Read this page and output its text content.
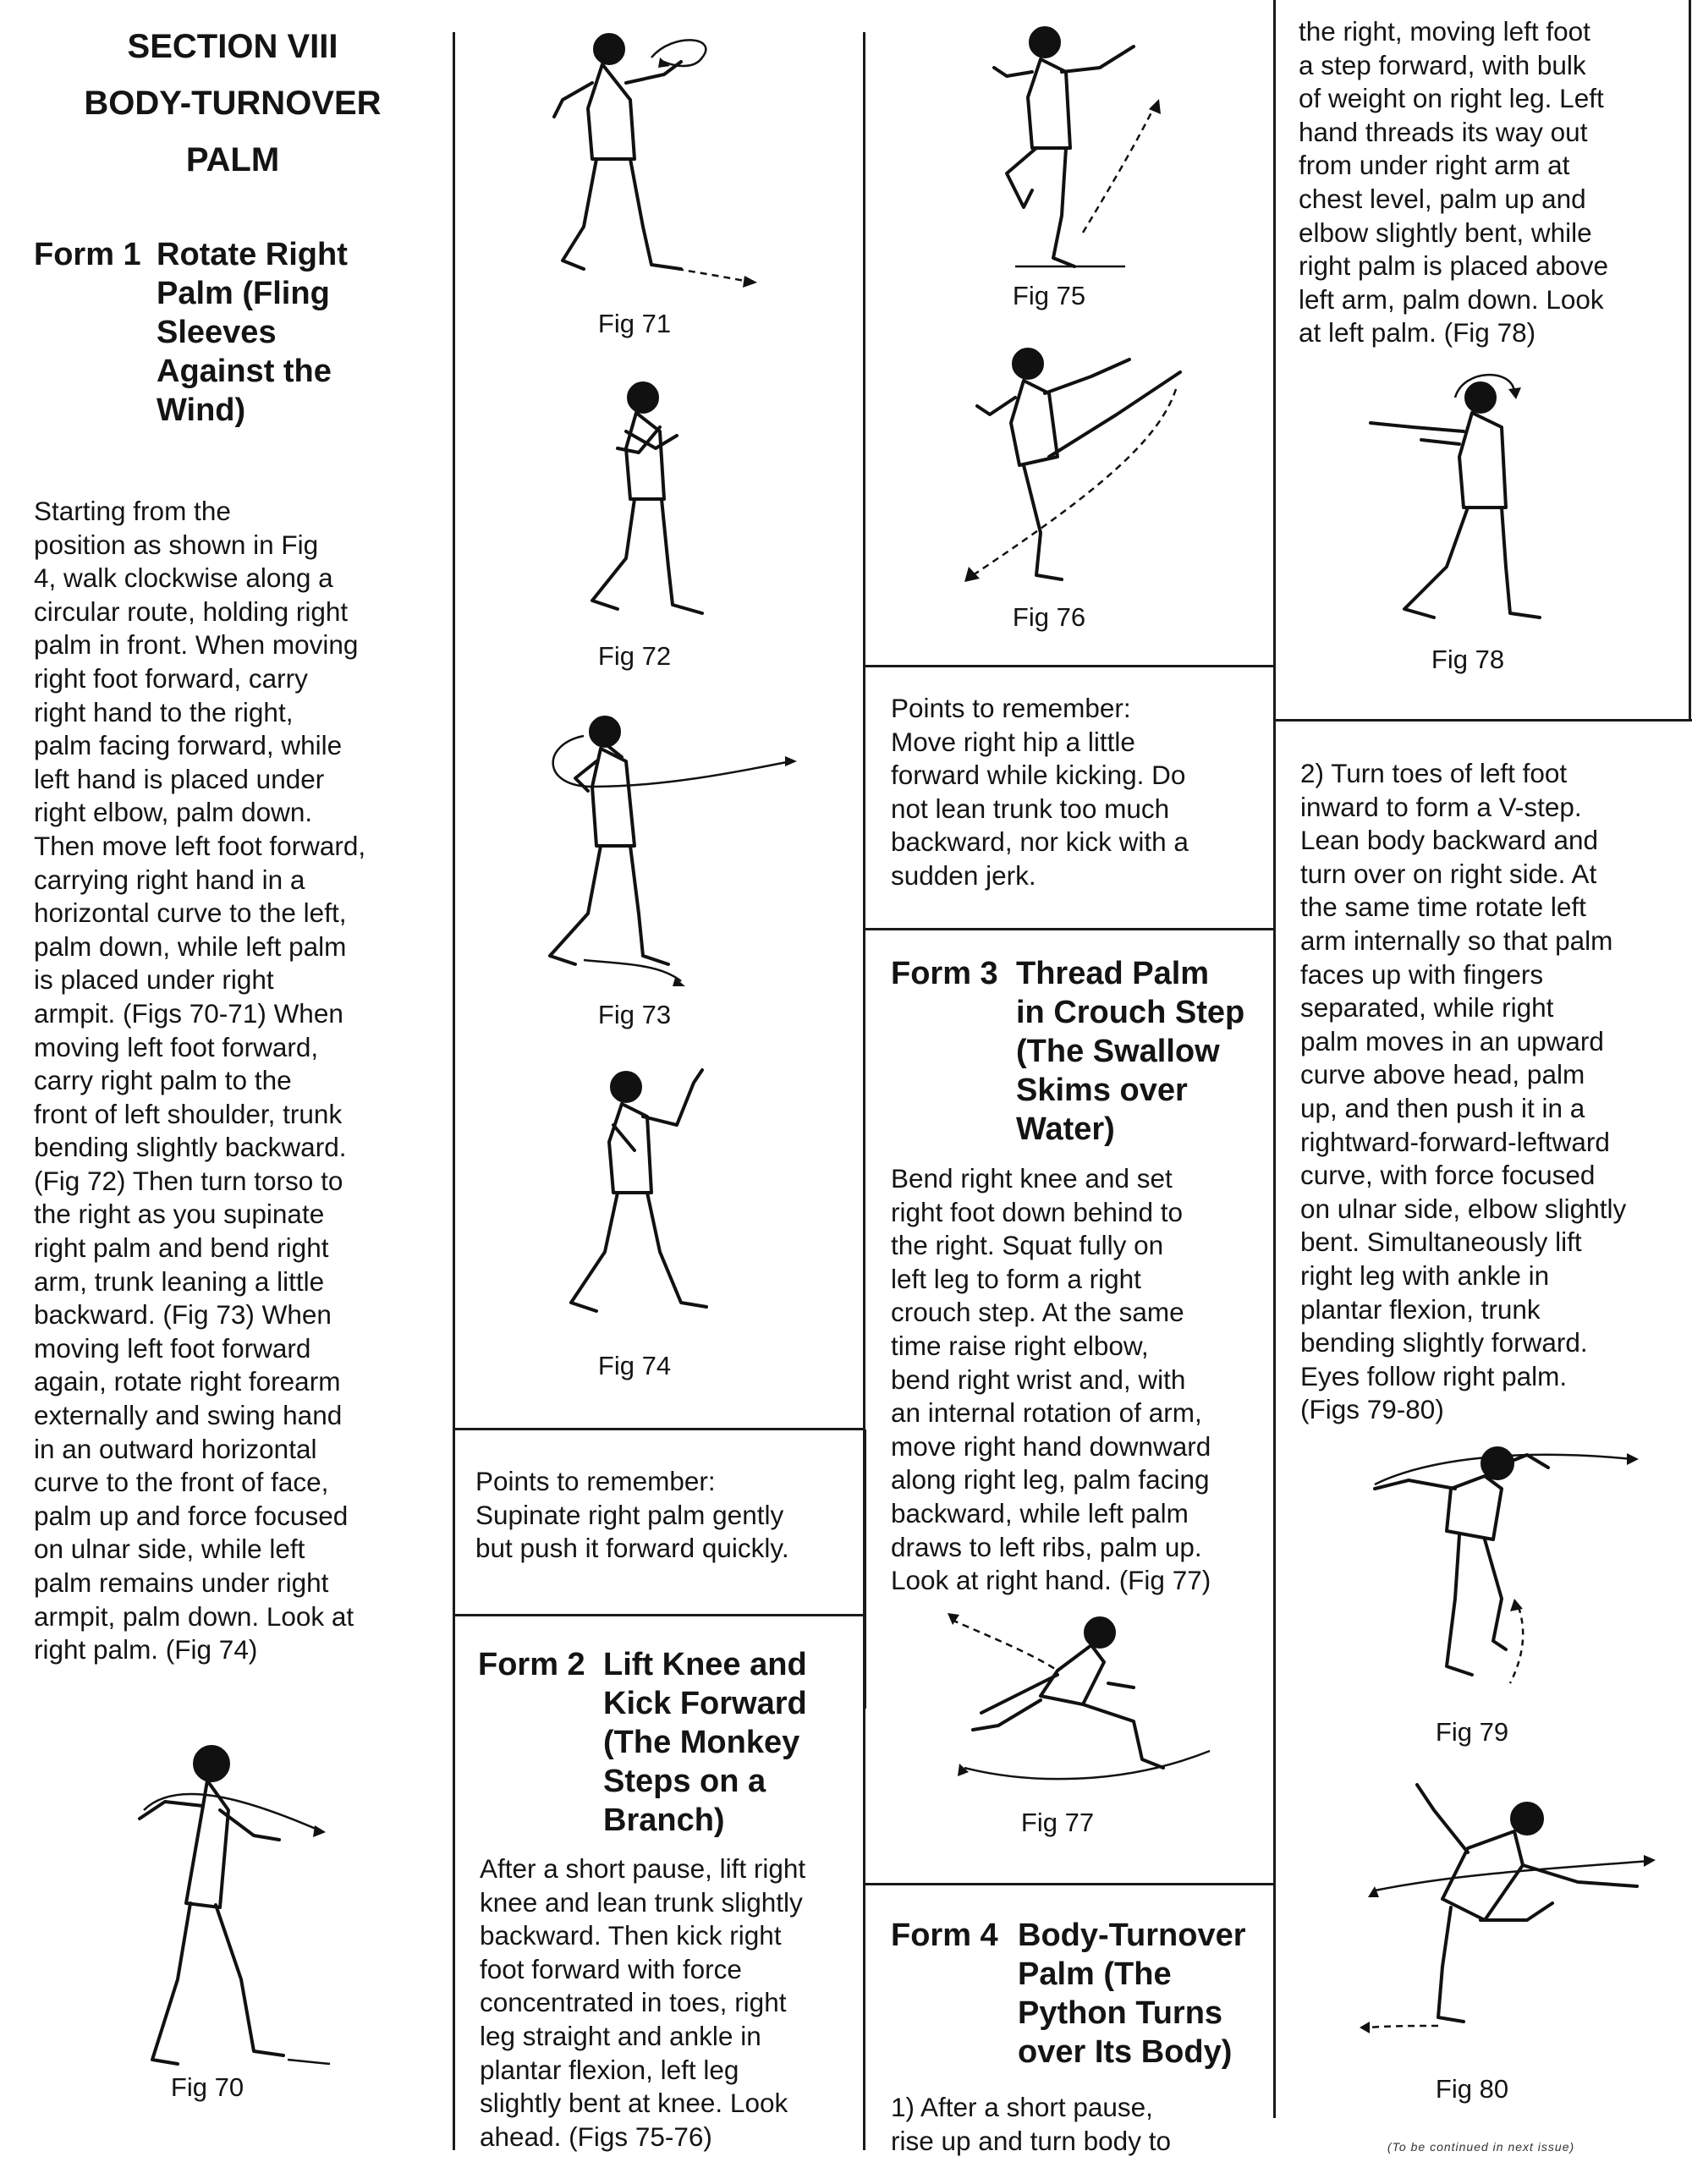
SECTION VIII
BODY-TURNOVER
PALM
Form 1 Rotate Right
Palm (Fling
Sleeves
Against the
Wind)
Starting from the
position as shown in Fig
4, walk clockwise along a
circular route, holding right
palm in front. When moving
right foot forward, carry
right hand to the right,
palm facing forward, while
left hand is placed under
right elbow, palm down.
Then move left foot forward,
carrying right hand in a
horizontal curve to the left,
palm down, while left palm
is placed under right
armpit. (Figs 70-71) When
moving left foot forward,
carry right palm to the
front of left shoulder, trunk
bending slightly backward.
(Fig 72) Then turn torso to
the right as you supinate
right palm and bend right
arm, trunk leaning a little
backward. (Fig 73) When
moving left foot forward
again, rotate right forearm
externally and swing hand
in an outward horizontal
curve to the front of face,
palm up and force focused
on ulnar side, while left
palm remains under right
armpit, palm down. Look at
right palm. (Fig 74)
Fig 70
Fig 71
Fig 72
Fig 73
Fig 74
Points to remember:
Supinate right palm gently
but push it forward quickly.
Form 2 Lift Knee and
Kick Forward
(The Monkey
Steps on a
Branch)
After a short pause, lift right
knee and lean trunk slightly
backward. Then kick right
foot forward with force
concentrated in toes, right
leg straight and ankle in
plantar flexion, left leg
slightly bent at knee. Look
ahead. (Figs 75-76)
Fig 75
Fig 76
Points to remember:
Move right hip a little
forward while kicking. Do
not lean trunk too much
backward, nor kick with a
sudden jerk.
Form 3 Thread Palm
in Crouch Step
(The Swallow
Skims over
Water)
Bend right knee and set
right foot down behind to
the right. Squat fully on
left leg to form a right
crouch step. At the same
time raise right elbow,
bend right wrist and, with
an internal rotation of arm,
move right hand downward
along right leg, palm facing
backward, while left palm
draws to left ribs, palm up.
Look at right hand. (Fig 77)
Fig 77
Form 4 Body-Turnover
Palm (The
Python Turns
over Its Body)
1) After a short pause,
rise up and turn body to
the right, moving left foot
a step forward, with bulk
of weight on right leg. Left
hand threads its way out
from under right arm at
chest level, palm up and
elbow slightly bent, while
right palm is placed above
left arm, palm down. Look
at left palm. (Fig 78)
Fig 78
2) Turn toes of left foot
inward to form a V-step.
Lean body backward and
turn over on right side. At
the same time rotate left
arm internally so that palm
faces up with fingers
separated, while right
palm moves in an upward
curve above head, palm
up, and then push it in a
rightward-forward-leftward
curve, with force focused
on ulnar side, elbow slightly
bent. Simultaneously lift
right leg with ankle in
plantar flexion, trunk
bending slightly forward.
Eyes follow right palm.
(Figs 79-80)
Fig 79
Fig 80
(To be continued in next issue)
